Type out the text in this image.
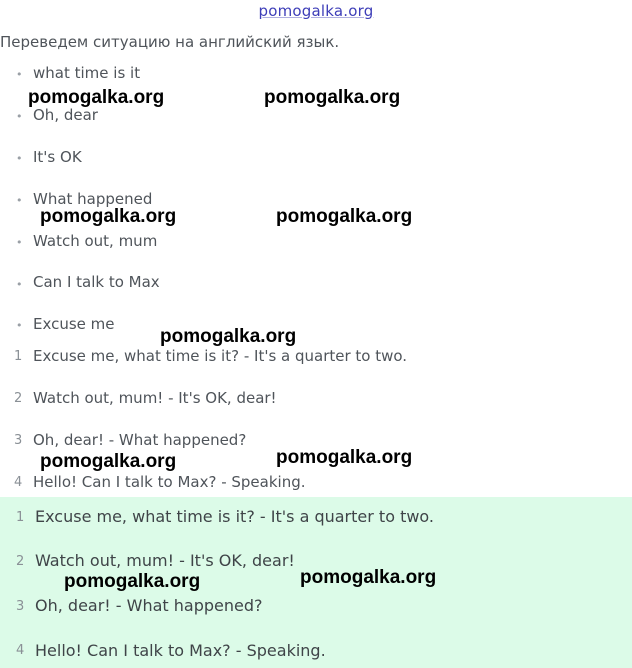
pomogalka.org
Переведем ситуацию на английский язык.
• what time is it
• Oh, dear
• It's OK
• What happened
• Watch out, mum
• Can I talk to Max
• Excuse me
1 Excuse me, what time is it? - It's a quarter to two.
2 Watch out, mum! - It's OK, dear!
3 Oh, dear! - What happened?
4 Hello! Can I talk to Max? - Speaking.
1 Excuse me, what time is it? - It's a quarter to two.
2 Watch out, mum! - It's OK, dear!
3 Oh, dear! - What happened?
4 Hello! Can I talk to Max? - Speaking.
pomogalka.org	pomogalka.org
pomogalka.org	pomogalka.org
pomogalka.org
pomogalka.org	pomogalka.org
pomogalka.org	pomogalka.org
